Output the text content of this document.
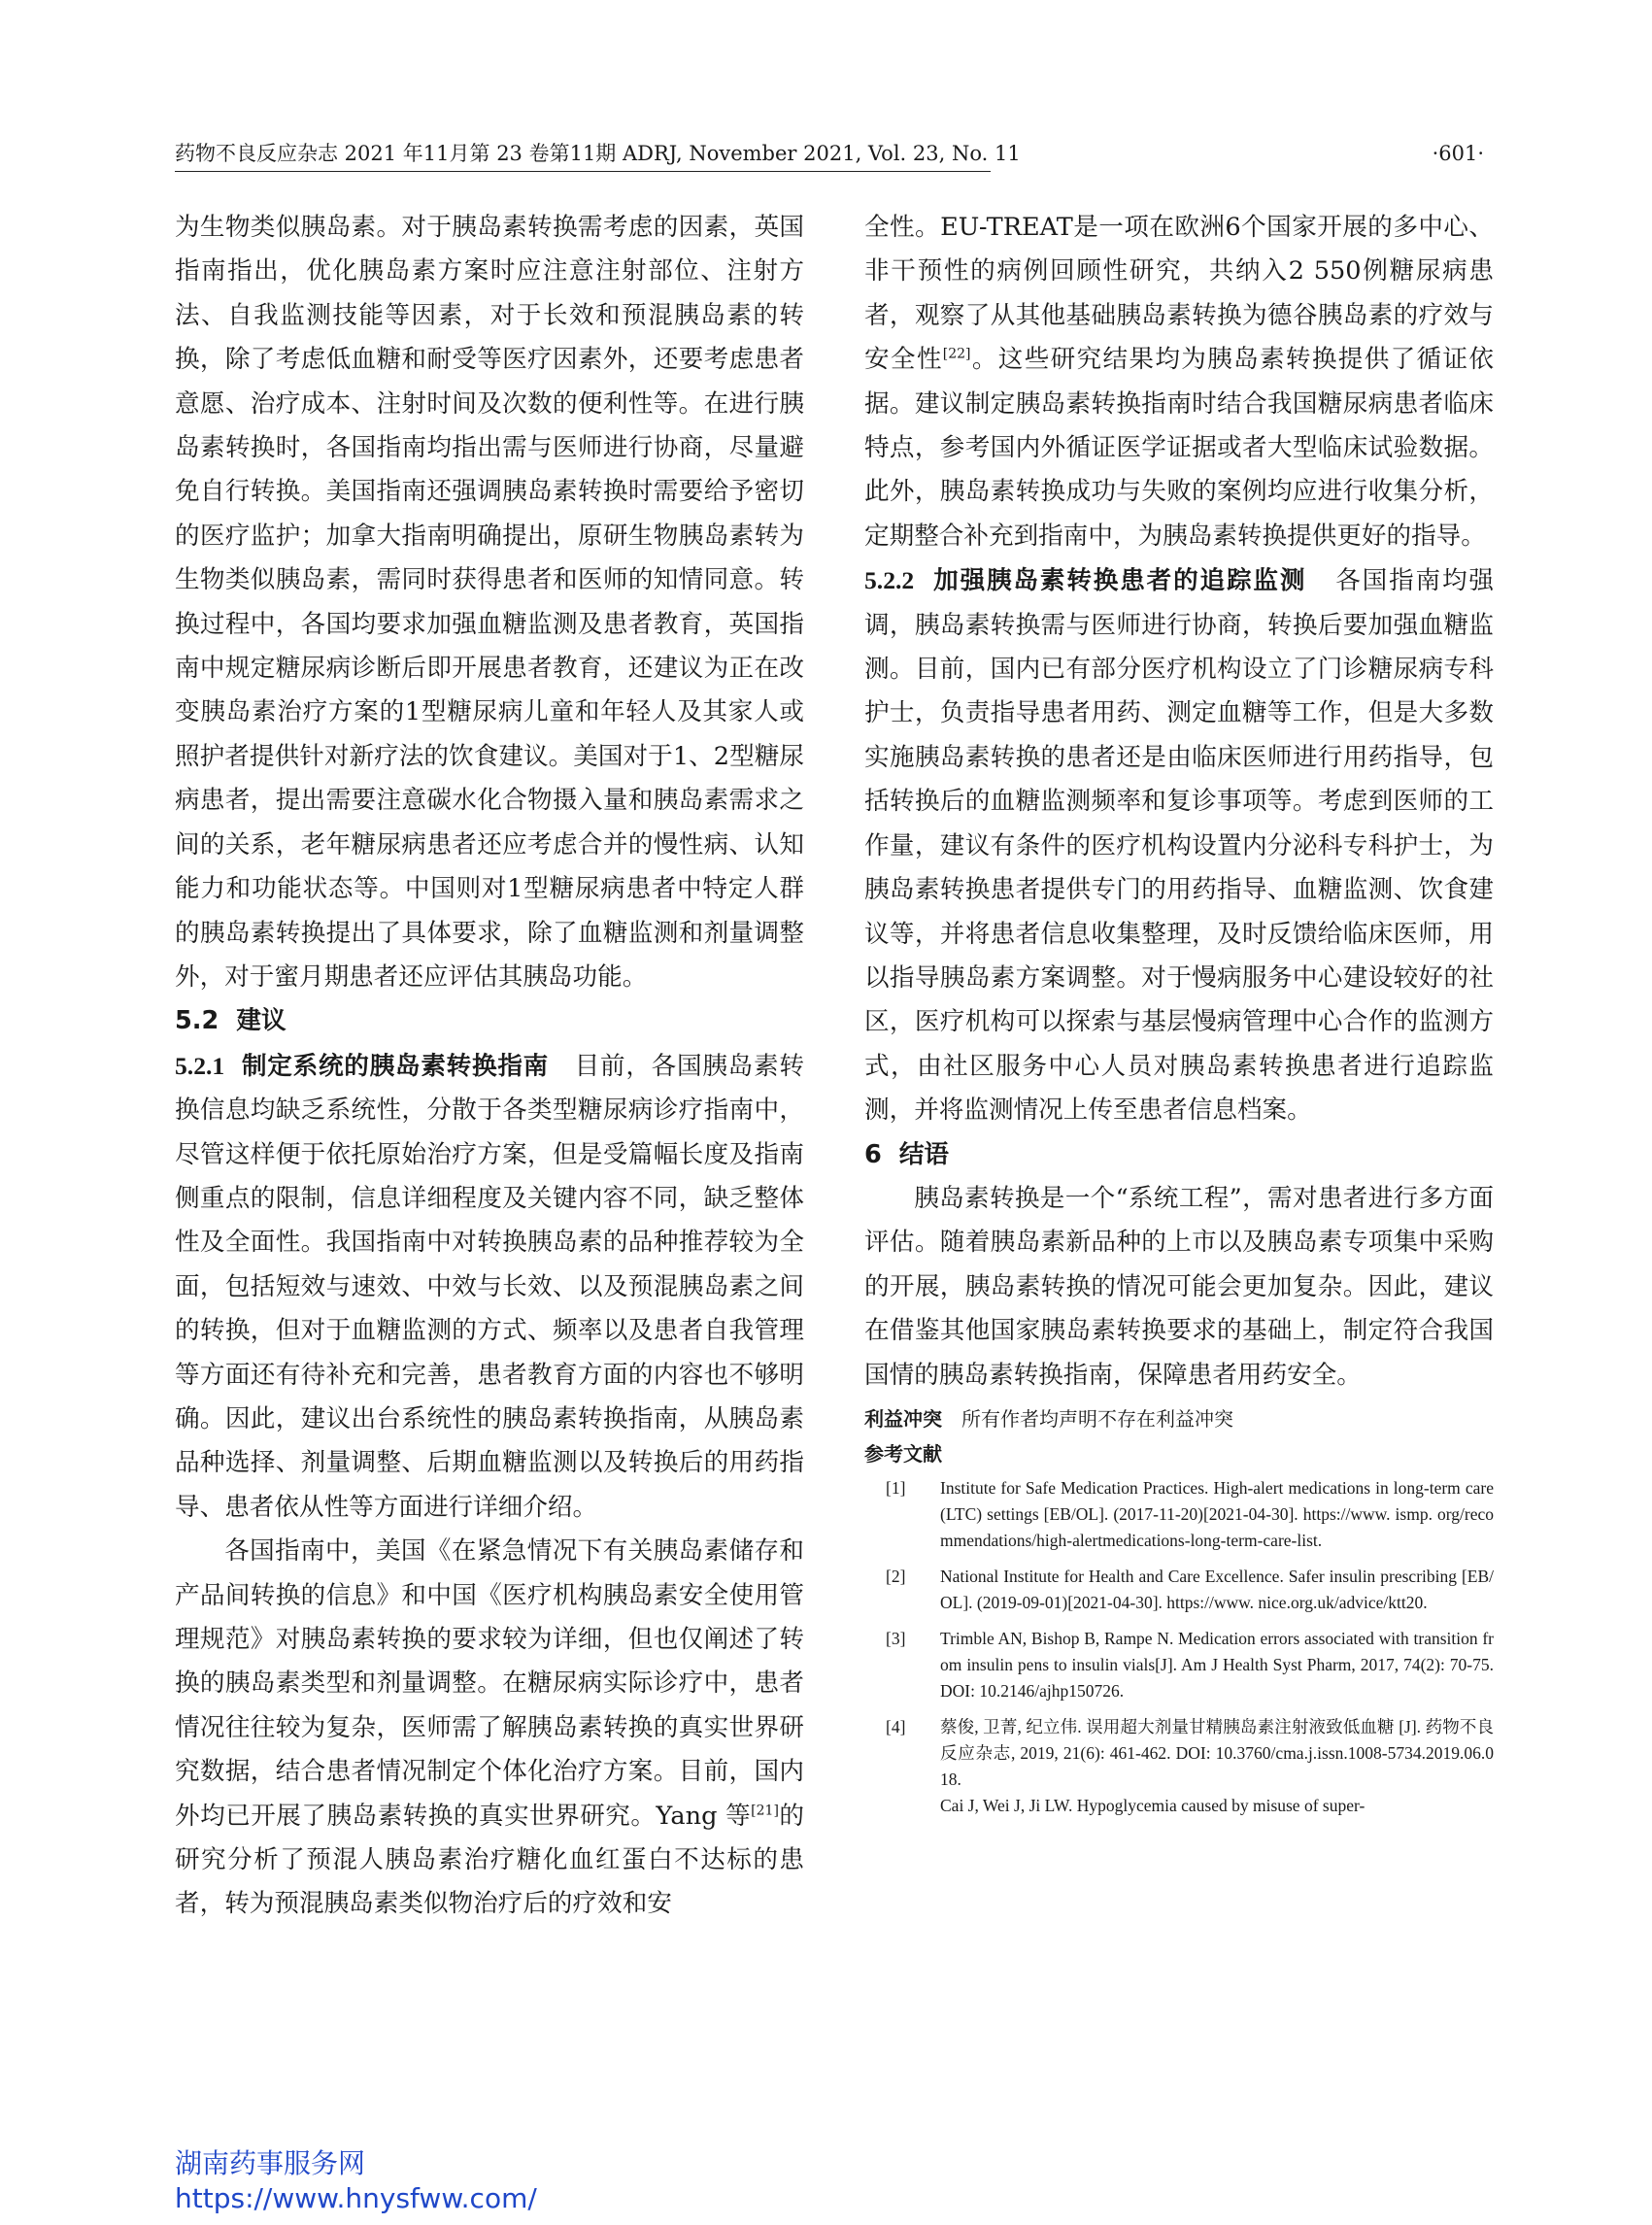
药物不良反应杂志 2021 年11月第 23 卷第11期 ADRJ, November 2021, Vol. 23, No. 11	·601·

为生物类似胰岛素。对于胰岛素转换需考虑的因素，英国指南指出，优化胰岛素方案时应注意注射部位、注射方法、自我监测技能等因素，对于长效和预混胰岛素的转换，除了考虑低血糖和耐受等医疗因素外，还要考虑患者意愿、治疗成本、注射时间及次数的便利性等。在进行胰岛素转换时，各国指南均指出需与医师进行协商，尽量避免自行转换。美国指南还强调胰岛素转换时需要给予密切的医疗监护；加拿大指南明确提出，原研生物胰岛素转为生物类似胰岛素，需同时获得患者和医师的知情同意。转换过程中，各国均要求加强血糖监测及患者教育，英国指南中规定糖尿病诊断后即开展患者教育，还建议为正在改变胰岛素治疗方案的1型糖尿病儿童和年轻人及其家人或照护者提供针对新疗法的饮食建议。美国对于1、2型糖尿病患者，提出需要注意碳水化合物摄入量和胰岛素需求之间的关系，老年糖尿病患者还应考虑合并的慢性病、认知能力和功能状态等。中国则对1型糖尿病患者中特定人群的胰岛素转换提出了具体要求，除了血糖监测和剂量调整外，对于蜜月期患者还应评估其胰岛功能。

5.2 建议

5.2.1 制定系统的胰岛素转换指南 目前，各国胰岛素转换信息均缺乏系统性，分散于各类型糖尿病诊疗指南中，尽管这样便于依托原始治疗方案，但是受篇幅长度及指南侧重点的限制，信息详细程度及关键内容不同，缺乏整体性及全面性。我国指南中对转换胰岛素的品种推荐较为全面，包括短效与速效、中效与长效、以及预混胰岛素之间的转换，但对于血糖监测的方式、频率以及患者自我管理等方面还有待补充和完善，患者教育方面的内容也不够明确。因此，建议出台系统性的胰岛素转换指南，从胰岛素品种选择、剂量调整、后期血糖监测以及转换后的用药指导、患者依从性等方面进行详细介绍。

各国指南中，美国《在紧急情况下有关胰岛素储存和产品间转换的信息》和中国《医疗机构胰岛素安全使用管理规范》对胰岛素转换的要求较为详细，但也仅阐述了转换的胰岛素类型和剂量调整。在糖尿病实际诊疗中，患者情况往往较为复杂，医师需了解胰岛素转换的真实世界研究数据，结合患者情况制定个体化治疗方案。目前，国内外均已开展了胰岛素转换的真实世界研究。Yang 等[21]的研究分析了预混人胰岛素治疗糖化血红蛋白不达标的患者，转为预混胰岛素类似物治疗后的疗效和安

全性。EU-TREAT是一项在欧洲6个国家开展的多中心、非干预性的病例回顾性研究，共纳入2 550例糖尿病患者，观察了从其他基础胰岛素转换为德谷胰岛素的疗效与安全性[22]。这些研究结果均为胰岛素转换提供了循证依据。建议制定胰岛素转换指南时结合我国糖尿病患者临床特点，参考国内外循证医学证据或者大型临床试验数据。此外，胰岛素转换成功与失败的案例均应进行收集分析，定期整合补充到指南中，为胰岛素转换提供更好的指导。

5.2.2 加强胰岛素转换患者的追踪监测 各国指南均强调，胰岛素转换需与医师进行协商，转换后要加强血糖监测。目前，国内已有部分医疗机构设立了门诊糖尿病专科护士，负责指导患者用药、测定血糖等工作，但是大多数实施胰岛素转换的患者还是由临床医师进行用药指导，包括转换后的血糖监测频率和复诊事项等。考虑到医师的工作量，建议有条件的医疗机构设置内分泌科专科护士，为胰岛素转换患者提供专门的用药指导、血糖监测、饮食建议等，并将患者信息收集整理，及时反馈给临床医师，用以指导胰岛素方案调整。对于慢病服务中心建设较好的社区，医疗机构可以探索与基层慢病管理中心合作的监测方式，由社区服务中心人员对胰岛素转换患者进行追踪监测，并将监测情况上传至患者信息档案。

6 结语

胰岛素转换是一个“系统工程”，需对患者进行多方面评估。随着胰岛素新品种的上市以及胰岛素专项集中采购的开展，胰岛素转换的情况可能会更加复杂。因此，建议在借鉴其他国家胰岛素转换要求的基础上，制定符合我国国情的胰岛素转换指南，保障患者用药安全。

利益冲突 所有作者均声明不存在利益冲突

参考文献

[1] Institute for Safe Medication Practices. High-alert medications in long-term care (LTC) settings [EB/OL]. (2017-11-20)[2021-04-30]. https://www. ismp. org/recommendations/high-alertmedications-long-term-care-list.

[2] National Institute for Health and Care Excellence. Safer insulin prescribing [EB/OL]. (2019-09-01)[2021-04-30]. https://www. nice.org.uk/advice/ktt20.

[3] Trimble AN, Bishop B, Rampe N. Medication errors associated with transition from insulin pens to insulin vials[J]. Am J Health Syst Pharm, 2017, 74(2): 70-75. DOI: 10.2146/ajhp150726.

[4] 蔡俊, 卫菁, 纪立伟. 误用超大剂量甘精胰岛素注射液致低血糖 [J]. 药物不良反应杂志, 2019, 21(6): 461-462. DOI: 10.3760/cma.j.issn.1008-5734.2019.06.018.

Cai J, Wei J, Ji LW. Hypoglycemia caused by misuse of super-

湖南药事服务网
https://www.hnysfww.com/
